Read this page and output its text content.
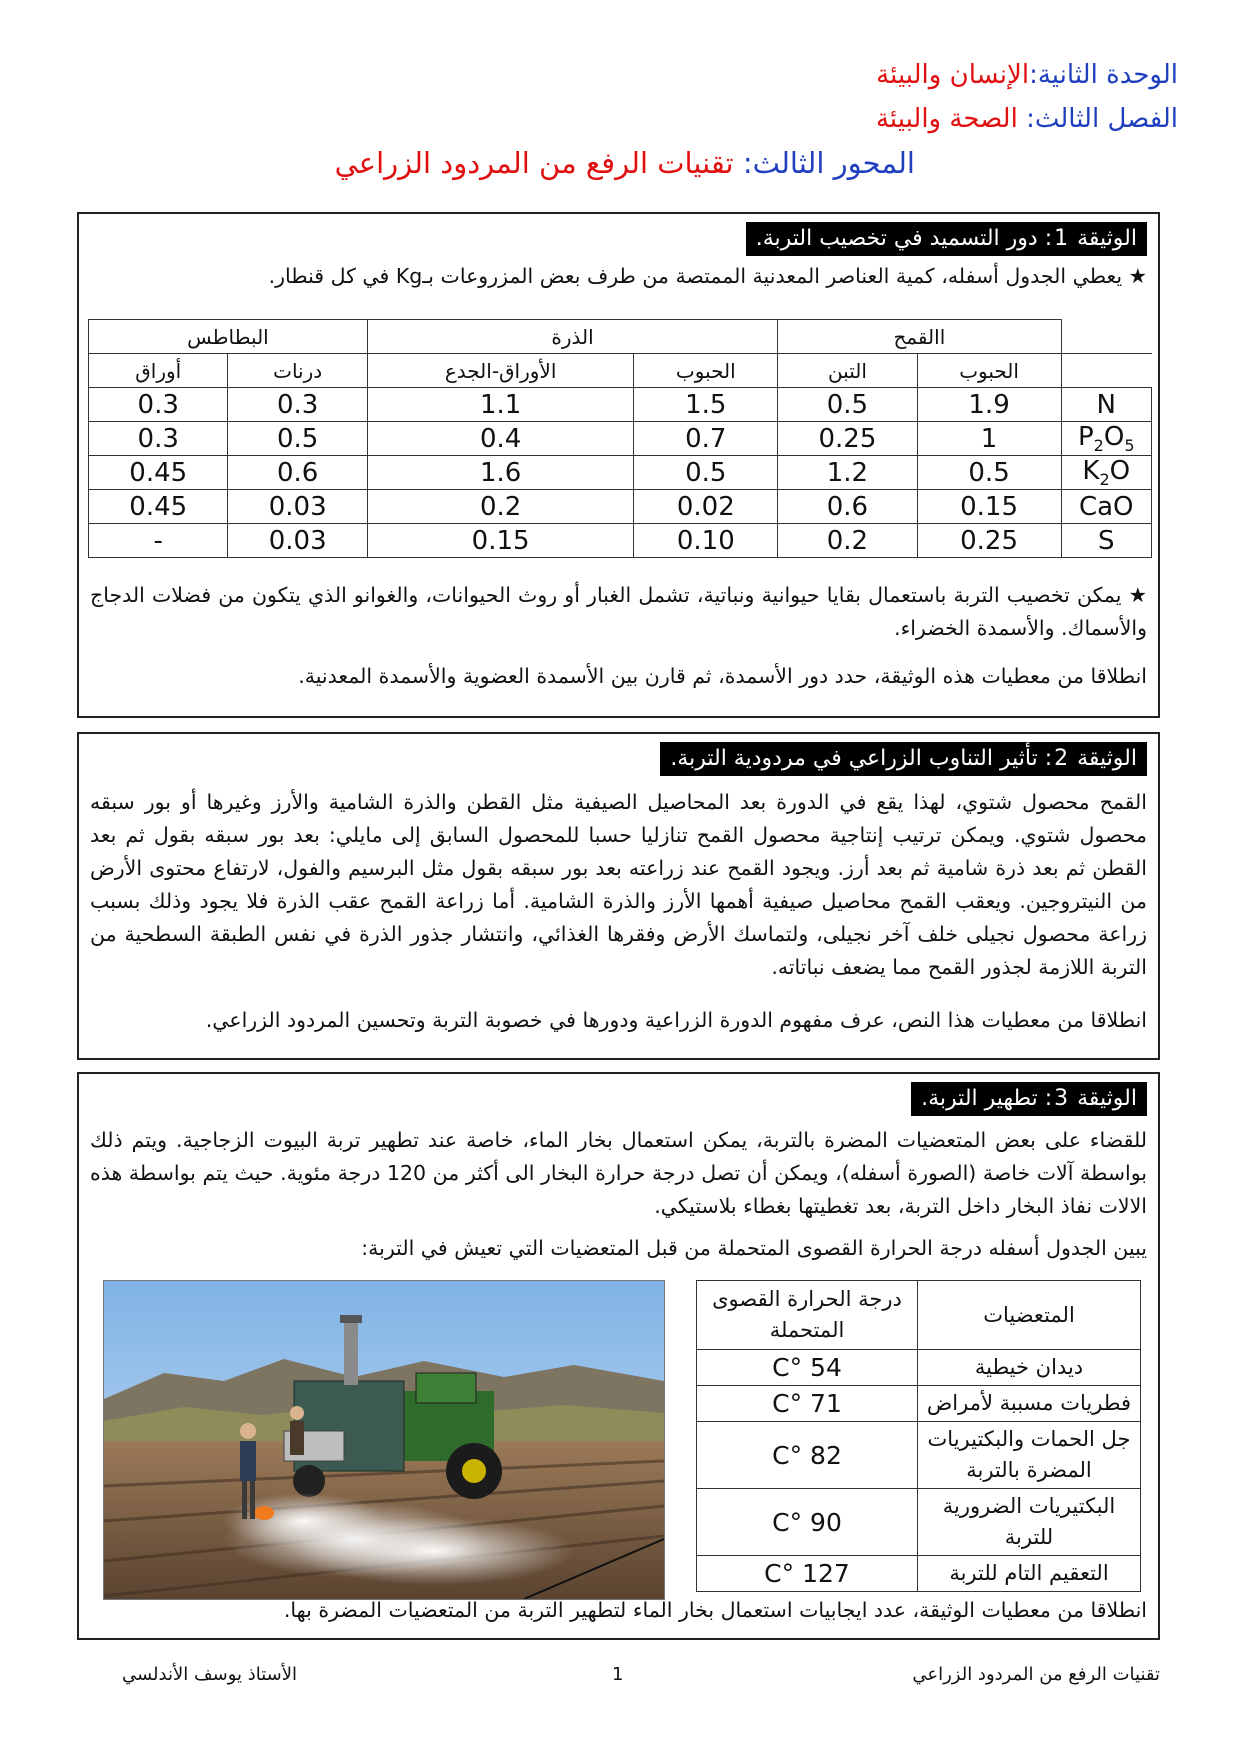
الوحدة الثانية:الإنسان والبيئة
الفصل الثالث: الصحة والبيئة
المحور الثالث: تقنيات الرفع من المردود الزراعي
الوثيقة 1: دور التسميد في تخصيب التربة.
★ يعطي الجدول أسفله، كمية العناصر المعدنية الممتصة من طرف بعض المزروعات بـKg في كل قنطار.
	االقمح		الذرة		البطاطس	
	الحبوب	التبن	الحبوب	الأوراق-الجدع	درنات	أوراق
N	1.9	0.5	1.5	1.1	0.3	0.3
$P_2O_5$	1	0.25	0.7	0.4	0.5	0.3
$K_2O$	0.5	1.2	0.5	1.6	0.6	0.45
CaO	0.15	0.6	0.02	0.2	0.03	0.45
S	0.25	0.2	0.10	0.15	0.03	-
★ يمكن تخصيب التربة باستعمال بقايا حيوانية ونباتية، تشمل الغبار أو روث الحيوانات، والغوانو الذي يتكون من فضلات الدجاج والأسماك. والأسمدة الخضراء.
انطلاقا من معطيات هذه الوثيقة، حدد دور الأسمدة، ثم قارن بين الأسمدة العضوية والأسمدة المعدنية.
الوثيقة 2: تأثير التناوب الزراعي في مردودية التربة.
القمح محصول شتوي، لهذا يقع في الدورة بعد المحاصيل الصيفية مثل القطن والذرة الشامية والأرز وغيرها أو بور سبقه محصول شتوي. ويمكن ترتيب إنتاجية محصول القمح تنازليا حسبا للمحصول السابق إلى مايلي: بعد بور سبقه بقول ثم بعد القطن ثم بعد ذرة شامية ثم بعد أرز. ويجود القمح عند زراعته بعد بور سبقه بقول مثل البرسيم والفول، لارتفاع محتوى الأرض من النيتروجين. ويعقب القمح محاصيل صيفية أهمها الأرز والذرة الشامية. أما زراعة القمح عقب الذرة فلا يجود وذلك بسبب زراعة محصول نجيلى خلف آخر نجيلى، ولتماسك الأرض وفقرها الغذائي، وانتشار جذور الذرة في نفس الطبقة السطحية من التربة اللازمة لجذور القمح مما يضعف نباتاته.
انطلاقا من معطيات هذا النص، عرف مفهوم الدورة الزراعية ودورها في خصوبة التربة وتحسين المردود الزراعي.
الوثيقة 3: تطهير التربة.
للقضاء على بعض المتعضيات المضرة بالتربة، يمكن استعمال بخار الماء، خاصة عند تطهير تربة البيوت الزجاجية. ويتم ذلك بواسطة آلات خاصة (الصورة أسفله)، ويمكن أن تصل درجة حرارة البخار الى أكثر من 120 درجة مئوية. حيث يتم بواسطة هذه الالات نفاذ البخار داخل التربة، بعد تغطيتها بغطاء بلاستيكي.
يبين الجدول أسفله درجة الحرارة القصوى المتحملة من قبل المتعضيات التي تعيش في التربة:
المتعضيات	درجة الحرارة القصوى المتحملة
ديدان خيطية	54 °C
فطريات مسببة لأمراض	71 °C
جل الحمات والبكتيريات المضرة بالتربة	82 °C
البكتيريات الضرورية للتربة	90 °C
التعقيم التام للتربة	127 °C
انطلاقا من معطيات الوثيقة، عدد ايجابيات استعمال بخار الماء لتطهير التربة من المتعضيات المضرة بها.
تقنيات الرفع من المردود الزراعي
1
الأستاذ يوسف الأندلسي
